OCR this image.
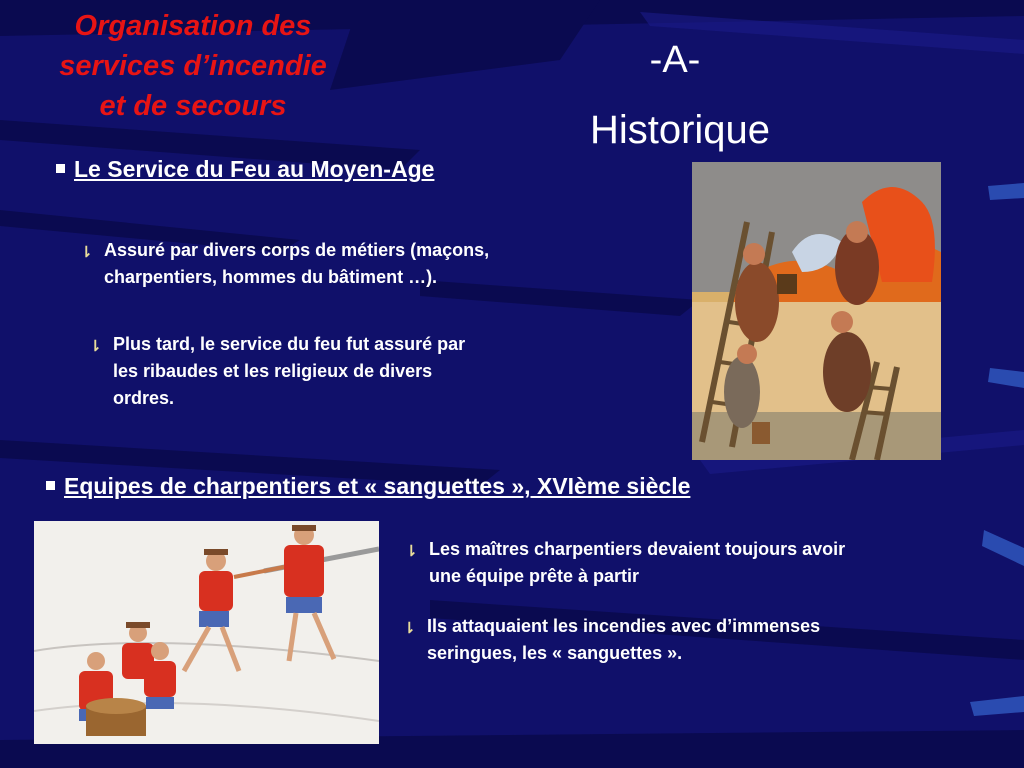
Organisation des
services d’incendie
et de secours
-A-
Historique
Le Service du Feu au Moyen-Age
⇂ Assuré par divers corps de métiers (maçons,
charpentiers, hommes du bâtiment …).
⇂ Plus tard, le service du feu fut assuré par
les ribaudes et les religieux de divers
ordres.
Equipes de charpentiers et « sanguettes », XVIème siècle
⇂ Les maîtres charpentiers devaient toujours avoir
une équipe prête à partir
⇂ Ils attaquaient les incendies avec d’immenses
seringues, les « sanguettes ».
